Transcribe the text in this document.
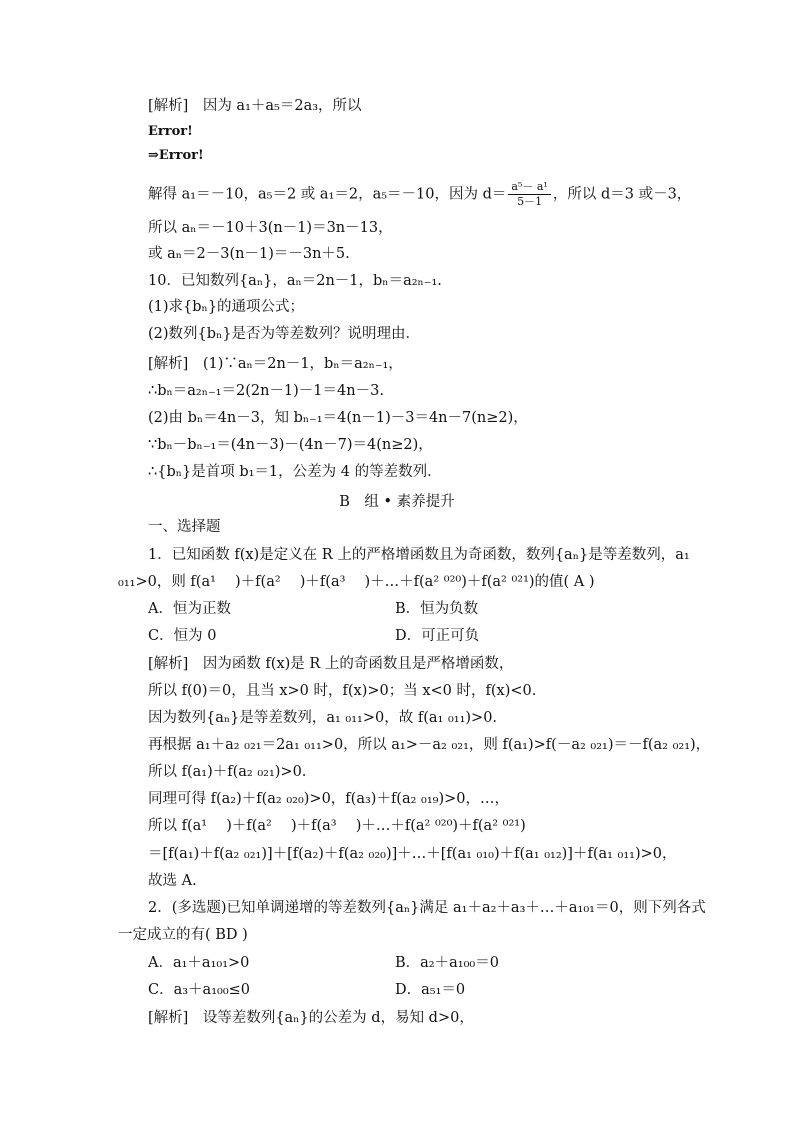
[解析]　因为 a₁＋a₅＝2a₃，所以
Error!
⇒Error!
解得 a₁＝－10，a₅＝2 或 a₁＝2，a₅＝－10，因为 $d= \frac{\text{a⁵－ a¹}}{5-1}$ ，所以 d＝3 或－3，
所以 aₙ＝－10＋3(n－1)＝3n－13，
或 aₙ＝2－3(n－1)＝－3n＋5.
10．已知数列{aₙ}，aₙ＝2n－1，bₙ＝a₂ₙ₋₁.
(1)求{bₙ}的通项公式；
(2)数列{bₙ}是否为等差数列？说明理由．
[解析]　(1)∵aₙ＝2n－1，bₙ＝a₂ₙ₋₁，
∴bₙ＝a₂ₙ₋₁＝2(2n－1)－1＝4n－3.
(2)由 bₙ＝4n－3，知 bₙ₋₁＝4(n－1)－3＝4n－7(n≥2)，
∵bₙ－bₙ₋₁＝(4n－3)－(4n－7)＝4(n≥2)，
∴{bₙ}是首项 b₁＝1，公差为 4 的等差数列．
B　组 • 素养提升
一、选择题
1．已知函数 f(x)是定义在 R 上的严格增函数且为奇函数，数列{aₙ}是等差数列，a₁
₀₁₁>0，则 f(a¹　 )＋f(a²　 )＋f(a³　 )＋…＋f(a² ⁰²⁰)＋f(a² ⁰²¹)的值( A )
A．恒为正数	B．恒为负数
C．恒为 0	D．可正可负
[解析]　因为函数 f(x)是 R 上的奇函数且是严格增函数，
所以 f(0)＝0，且当 x>0 时，f(x)>0；当 x<0 时，f(x)<0.
因为数列{aₙ}是等差数列，a₁ ₀₁₁>0，故 f(a₁ ₀₁₁)>0.
再根据 a₁＋a₂ ₀₂₁＝2a₁ ₀₁₁>0，所以 a₁>－a₂ ₀₂₁，则 f(a₁)>f(－a₂ ₀₂₁)＝－f(a₂ ₀₂₁)，
所以 f(a₁)＋f(a₂ ₀₂₁)>0.
同理可得 f(a₂)＋f(a₂ ₀₂₀)>0，f(a₃)＋f(a₂ ₀₁₉)>0，…，
所以 f(a¹　 )＋f(a²　 )＋f(a³　 )＋…＋f(a² ⁰²⁰)＋f(a² ⁰²¹)
＝[f(a₁)＋f(a₂ ₀₂₁)]＋[f(a₂)＋f(a₂ ₀₂₀)]＋…＋[f(a₁ ₀₁₀)＋f(a₁ ₀₁₂)]＋f(a₁ ₀₁₁)>0，
故选 A.
2．(多选题)已知单调递增的等差数列{aₙ}满足 a₁＋a₂＋a₃＋…＋a₁₀₁＝0，则下列各式
一定成立的有( BD )
A．a₁＋a₁₀₁>0	B．a₂＋a₁₀₀＝0
C．a₃＋a₁₀₀≤0	D．a₅₁＝0
[解析]　设等差数列{aₙ}的公差为 d，易知 d>0，
